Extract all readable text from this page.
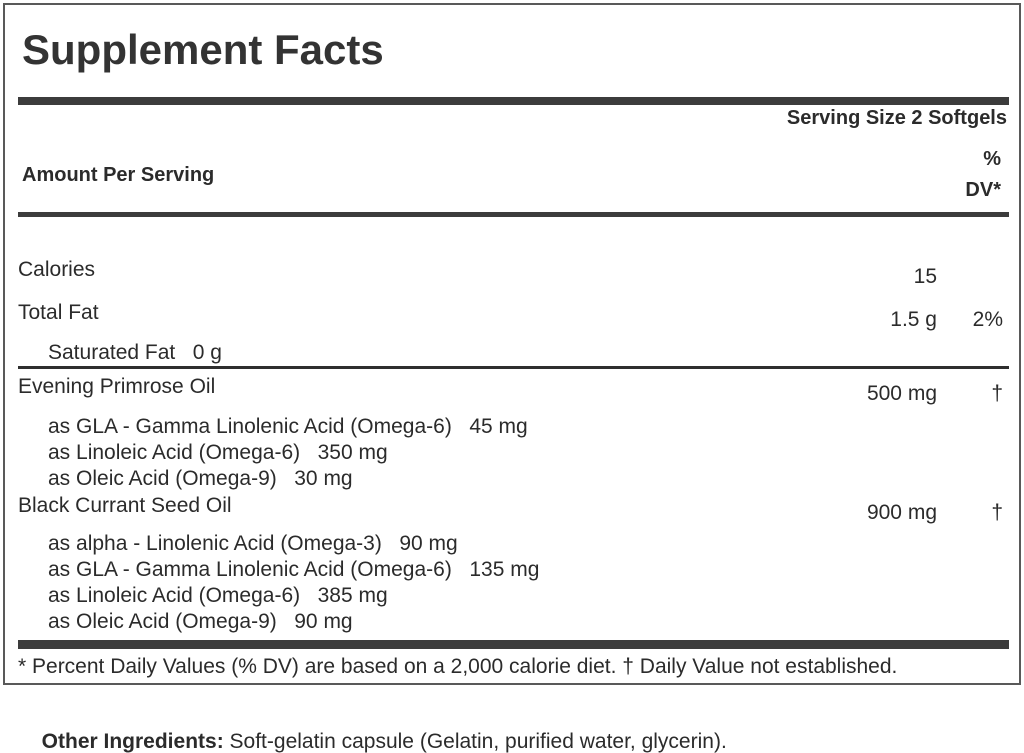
Supplement Facts
Serving Size 2 Softgels
Amount Per Serving
%
DV*
Calories	15
Total Fat	1.5 g	2%
Saturated Fat   0 g
Evening Primrose Oil	500 mg	†
as GLA - Gamma Linolenic Acid (Omega-6)   45 mg
as Linoleic Acid (Omega-6)   350 mg
as Oleic Acid (Omega-9)   30 mg
Black Currant Seed Oil	900 mg	†
as alpha - Linolenic Acid (Omega-3)   90 mg
as GLA - Gamma Linolenic Acid (Omega-6)   135 mg
as Linoleic Acid (Omega-6)   385 mg
as Oleic Acid (Omega-9)   90 mg
* Percent Daily Values (% DV) are based on a 2,000 calorie diet. † Daily Value not established.

Other Ingredients: Soft-gelatin capsule (Gelatin, purified water, glycerin).
